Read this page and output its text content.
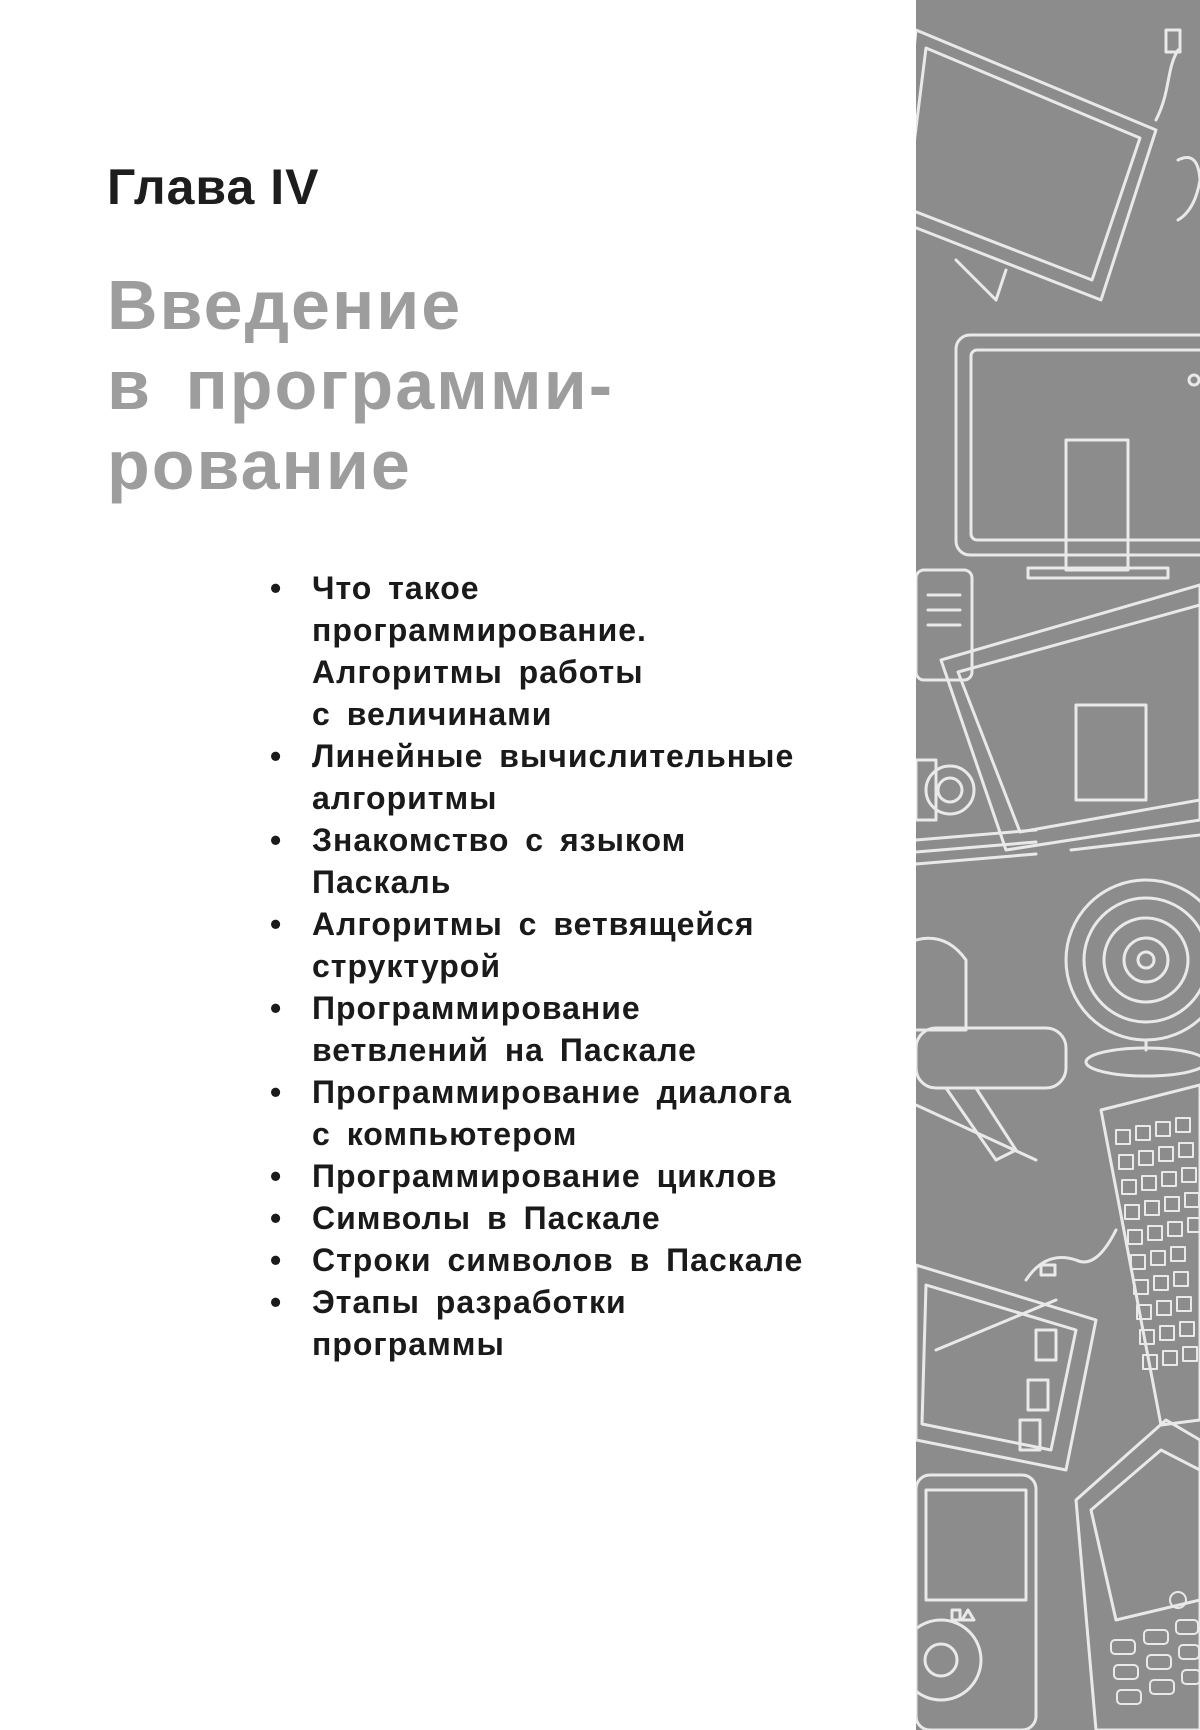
Глава IV
Введение
в программи-
рование
• Что такое
программирование.
Алгоритмы работы
с величинами
• Линейные вычислительные
алгоритмы
• Знакомство с языком
Паскаль
• Алгоритмы с ветвящейся
структурой
• Программирование
ветвлений на Паскале
• Программирование диалога
с компьютером
• Программирование циклов
• Символы в Паскале
• Строки символов в Паскале
• Этапы разработки
программы
